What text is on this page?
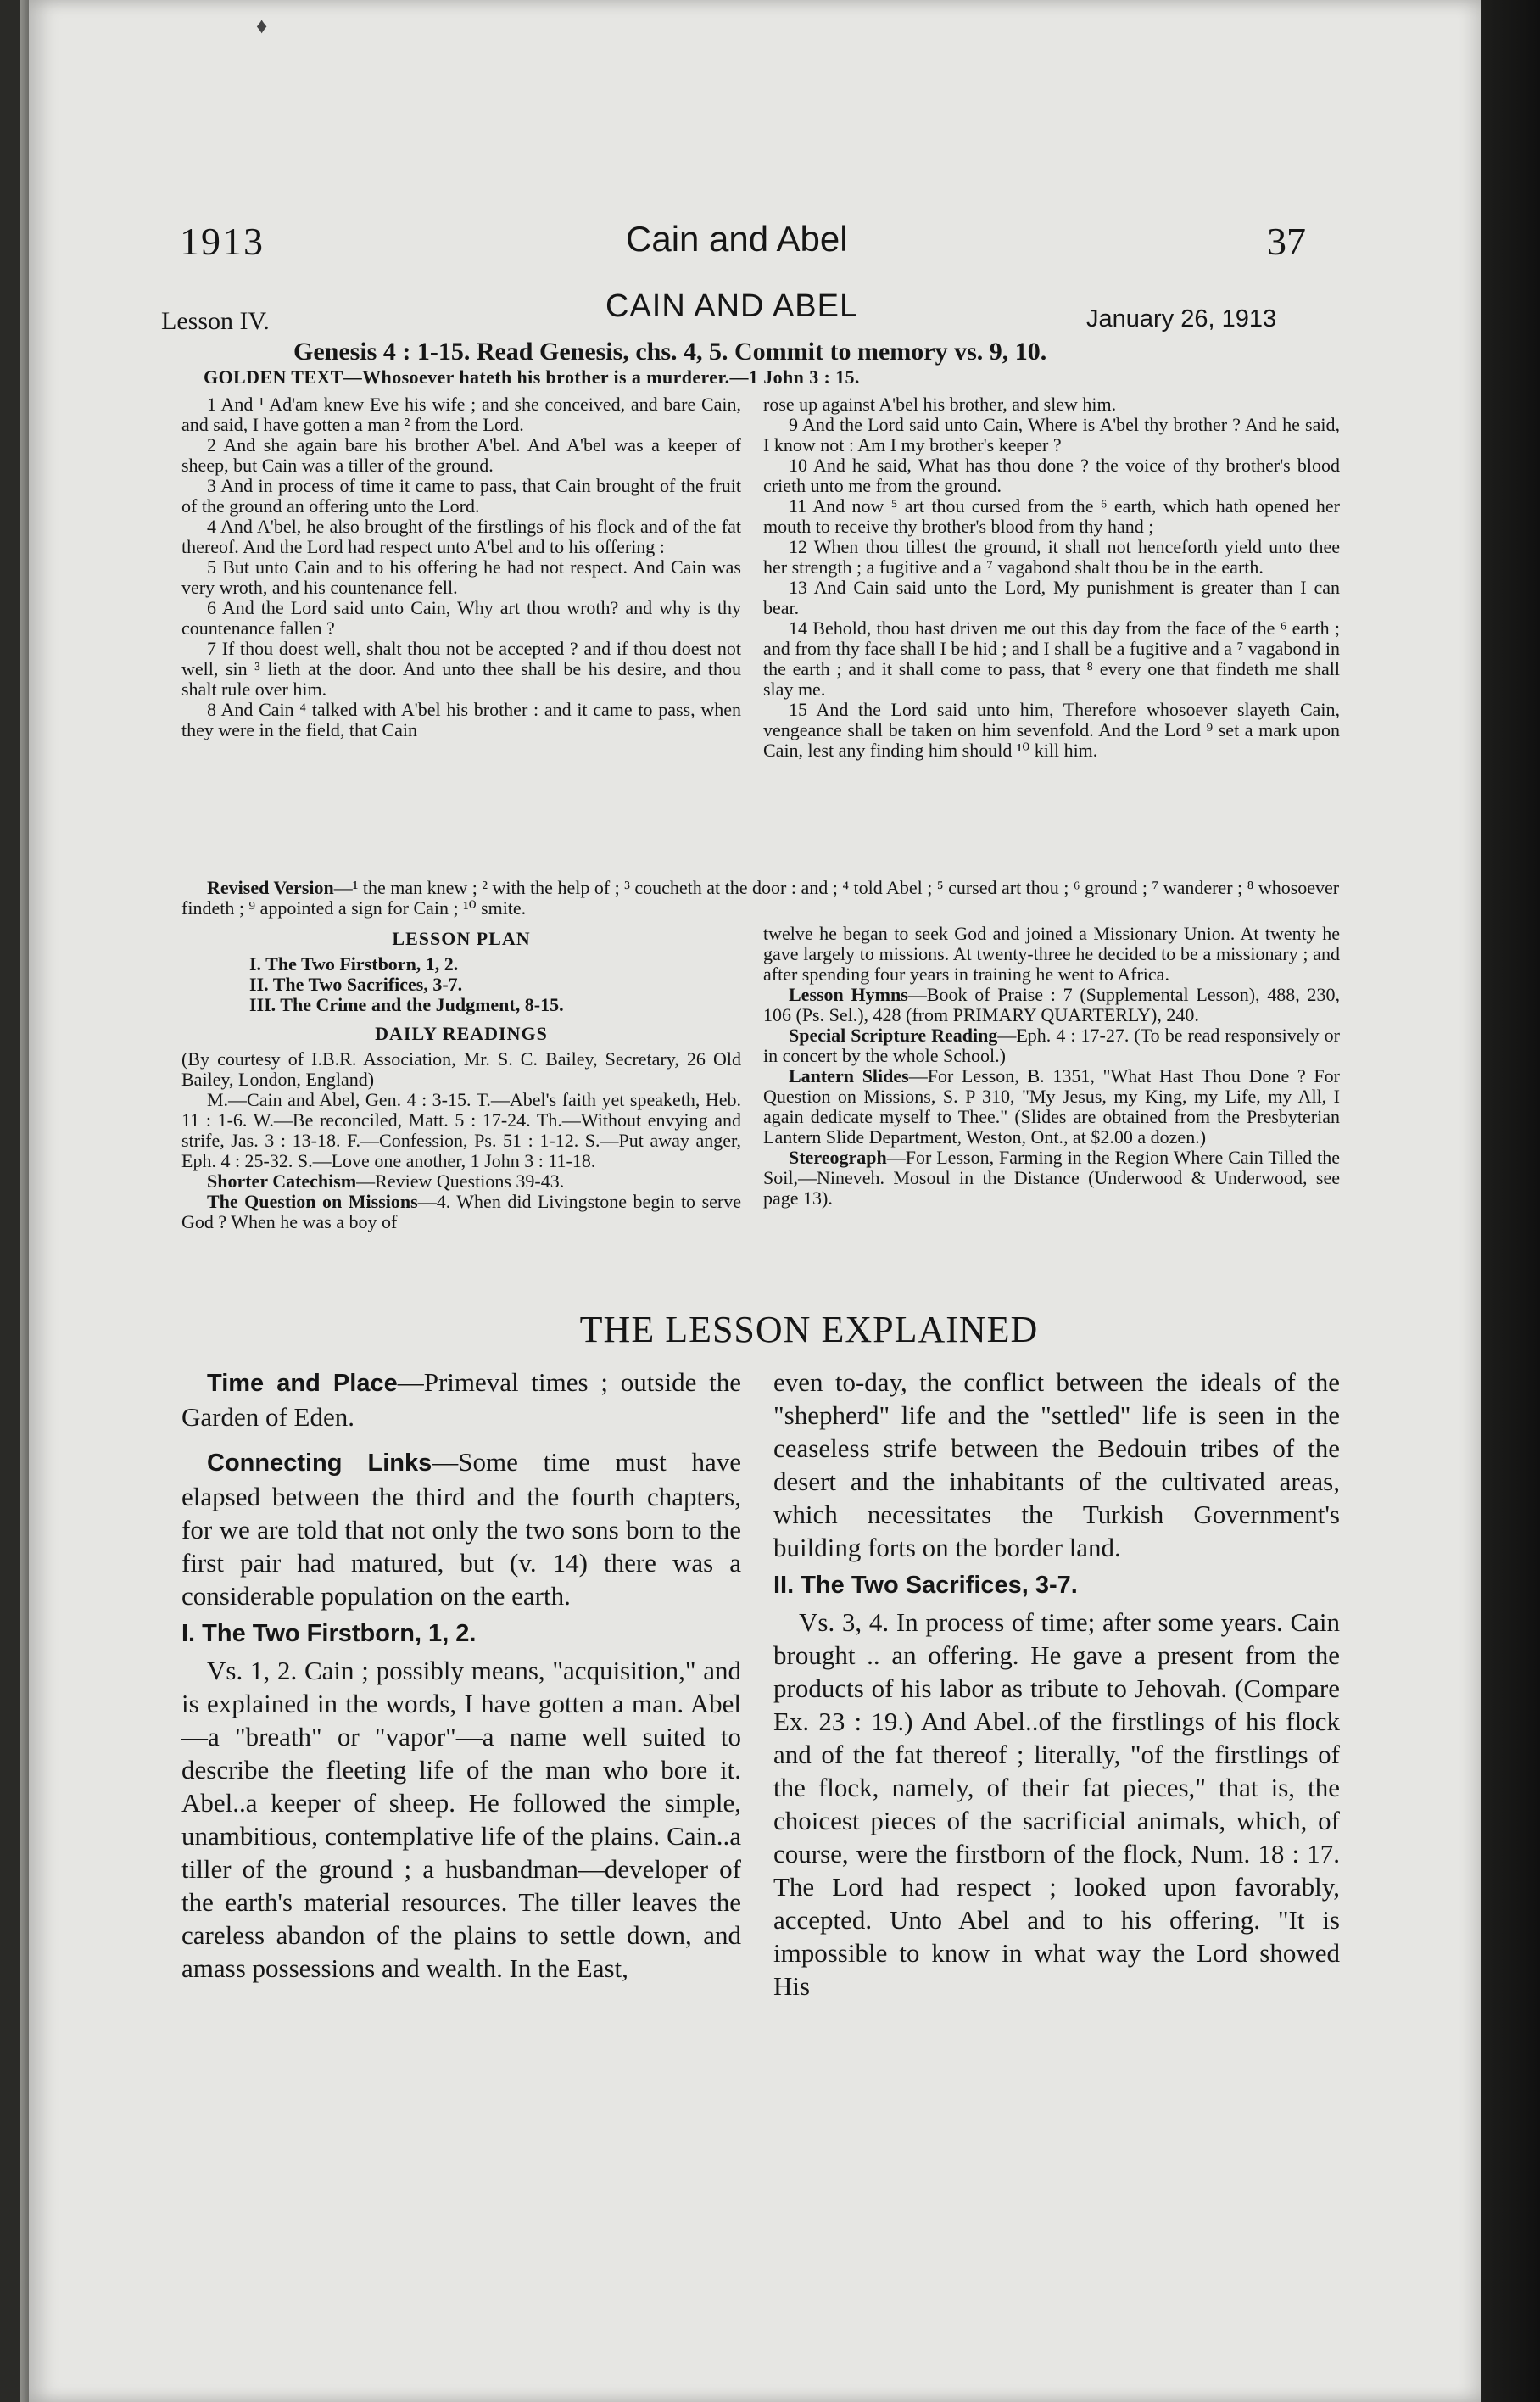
♦
1913	Cain and Abel	37
Lesson IV.	CAIN AND ABEL	January 26, 1913
Genesis 4 : 1-15. Read Genesis, chs. 4, 5. Commit to memory vs. 9, 10.
GOLDEN TEXT—Whosoever hateth his brother is a murderer.—1 John 3 : 15.

1 And ¹ Ad'am knew Eve his wife ; and she conceived, and bare Cain, and said, I have gotten a man ² from the Lord.

2 And she again bare his brother A'bel. And A'bel was a keeper of sheep, but Cain was a tiller of the ground.

3 And in process of time it came to pass, that Cain brought of the fruit of the ground an offering unto the Lord.

4 And A'bel, he also brought of the firstlings of his flock and of the fat thereof. And the Lord had respect unto A'bel and to his offering :

5 But unto Cain and to his offering he had not respect. And Cain was very wroth, and his countenance fell.

6 And the Lord said unto Cain, Why art thou wroth? and why is thy countenance fallen ?

7 If thou doest well, shalt thou not be accepted ? and if thou doest not well, sin ³ lieth at the door. And unto thee shall be his desire, and thou shalt rule over him.

8 And Cain ⁴ talked with A'bel his brother : and it came to pass, when they were in the field, that Cain

rose up against A'bel his brother, and slew him.

9 And the Lord said unto Cain, Where is A'bel thy brother ? And he said, I know not : Am I my brother's keeper ?

10 And he said, What has thou done ? the voice of thy brother's blood crieth unto me from the ground.

11 And now ⁵ art thou cursed from the ⁶ earth, which hath opened her mouth to receive thy brother's blood from thy hand ;

12 When thou tillest the ground, it shall not henceforth yield unto thee her strength ; a fugitive and a ⁷ vagabond shalt thou be in the earth.

13 And Cain said unto the Lord, My punishment is greater than I can bear.

14 Behold, thou hast driven me out this day from the face of the ⁶ earth ; and from thy face shall I be hid ; and I shall be a fugitive and a ⁷ vagabond in the earth ; and it shall come to pass, that ⁸ every one that findeth me shall slay me.

15 And the Lord said unto him, Therefore whosoever slayeth Cain, vengeance shall be taken on him sevenfold. And the Lord ⁹ set a mark upon Cain, lest any finding him should ¹⁰ kill him.

Revised Version—¹ the man knew ; ² with the help of ; ³ coucheth at the door : and ; ⁴ told Abel ; ⁵ cursed art thou ; ⁶ ground ; ⁷ wanderer ; ⁸ whosoever findeth ; ⁹ appointed a sign for Cain ; ¹⁰ smite.

LESSON PLAN

I. The Two Firstborn, 1, 2.

II. The Two Sacrifices, 3-7.

III. The Crime and the Judgment, 8-15.

DAILY READINGS

(By courtesy of I.B.R. Association, Mr. S. C. Bailey, Secretary, 26 Old Bailey, London, England)

M.—Cain and Abel, Gen. 4 : 3-15. T.—Abel's faith yet speaketh, Heb. 11 : 1-6. W.—Be reconciled, Matt. 5 : 17-24. Th.—Without envying and strife, Jas. 3 : 13-18. F.—Confession, Ps. 51 : 1-12. S.—Put away anger, Eph. 4 : 25-32. S.—Love one another, 1 John 3 : 11-18.

Shorter Catechism—Review Questions 39-43.

The Question on Missions—4. When did Livingstone begin to serve God ? When he was a boy of

twelve he began to seek God and joined a Missionary Union. At twenty he gave largely to missions. At twenty-three he decided to be a missionary ; and after spending four years in training he went to Africa.

Lesson Hymns—Book of Praise : 7 (Supplemental Lesson), 488, 230, 106 (Ps. Sel.), 428 (from PRIMARY QUARTERLY), 240.

Special Scripture Reading—Eph. 4 : 17-27. (To be read responsively or in concert by the whole School.)

Lantern Slides—For Lesson, B. 1351, "What Hast Thou Done ? For Question on Missions, S. P 310, "My Jesus, my King, my Life, my All, I again dedicate myself to Thee." (Slides are obtained from the Presbyterian Lantern Slide Department, Weston, Ont., at $2.00 a dozen.)

Stereograph—For Lesson, Farming in the Region Where Cain Tilled the Soil,—Nineveh. Mosoul in the Distance (Underwood & Underwood, see page 13).

THE LESSON EXPLAINED

Time and Place—Primeval times ; outside the Garden of Eden.

Connecting Links—Some time must have elapsed between the third and the fourth chapters, for we are told that not only the two sons born to the first pair had matured, but (v. 14) there was a considerable population on the earth.

I. The Two Firstborn, 1, 2.

Vs. 1, 2. Cain ; possibly means, "acquisition," and is explained in the words, I have gotten a man. Abel—a "breath" or "vapor"—a name well suited to describe the fleeting life of the man who bore it. Abel..a keeper of sheep. He followed the simple, unambitious, contemplative life of the plains. Cain..a tiller of the ground ; a husbandman—developer of the earth's material resources. The tiller leaves the careless abandon of the plains to settle down, and amass possessions and wealth. In the East,

even to-day, the conflict between the ideals of the "shepherd" life and the "settled" life is seen in the ceaseless strife between the Bedouin tribes of the desert and the inhabitants of the cultivated areas, which necessitates the Turkish Government's building forts on the border land.

II. The Two Sacrifices, 3-7.

Vs. 3, 4. In process of time; after some years. Cain brought .. an offering. He gave a present from the products of his labor as tribute to Jehovah. (Compare Ex. 23 : 19.) And Abel..of the firstlings of his flock and of the fat thereof ; literally, "of the firstlings of the flock, namely, of their fat pieces," that is, the choicest pieces of the sacrificial animals, which, of course, were the firstborn of the flock, Num. 18 : 17. The Lord had respect ; looked upon favorably, accepted. Unto Abel and to his offering. "It is impossible to know in what way the Lord showed His
